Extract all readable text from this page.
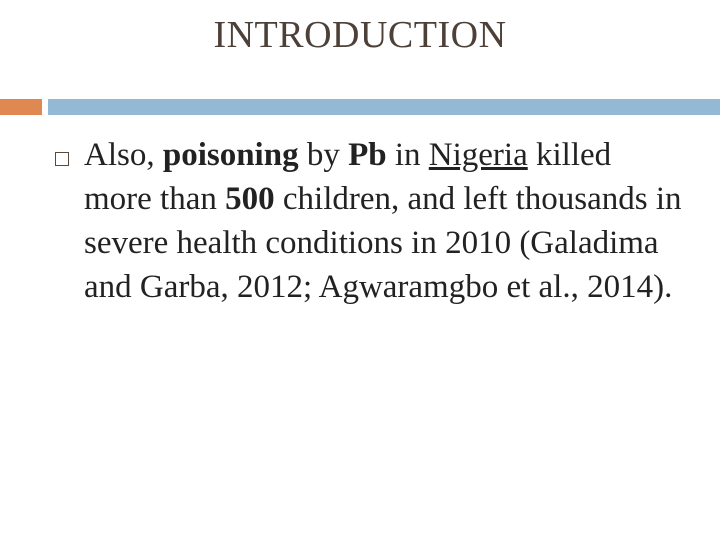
INTRODUCTION
Also, poisoning by Pb in Nigeria killed more than 500 children, and left thousands in severe health conditions in 2010 (Galadima and Garba, 2012; Agwaramgbo et al., 2014).
